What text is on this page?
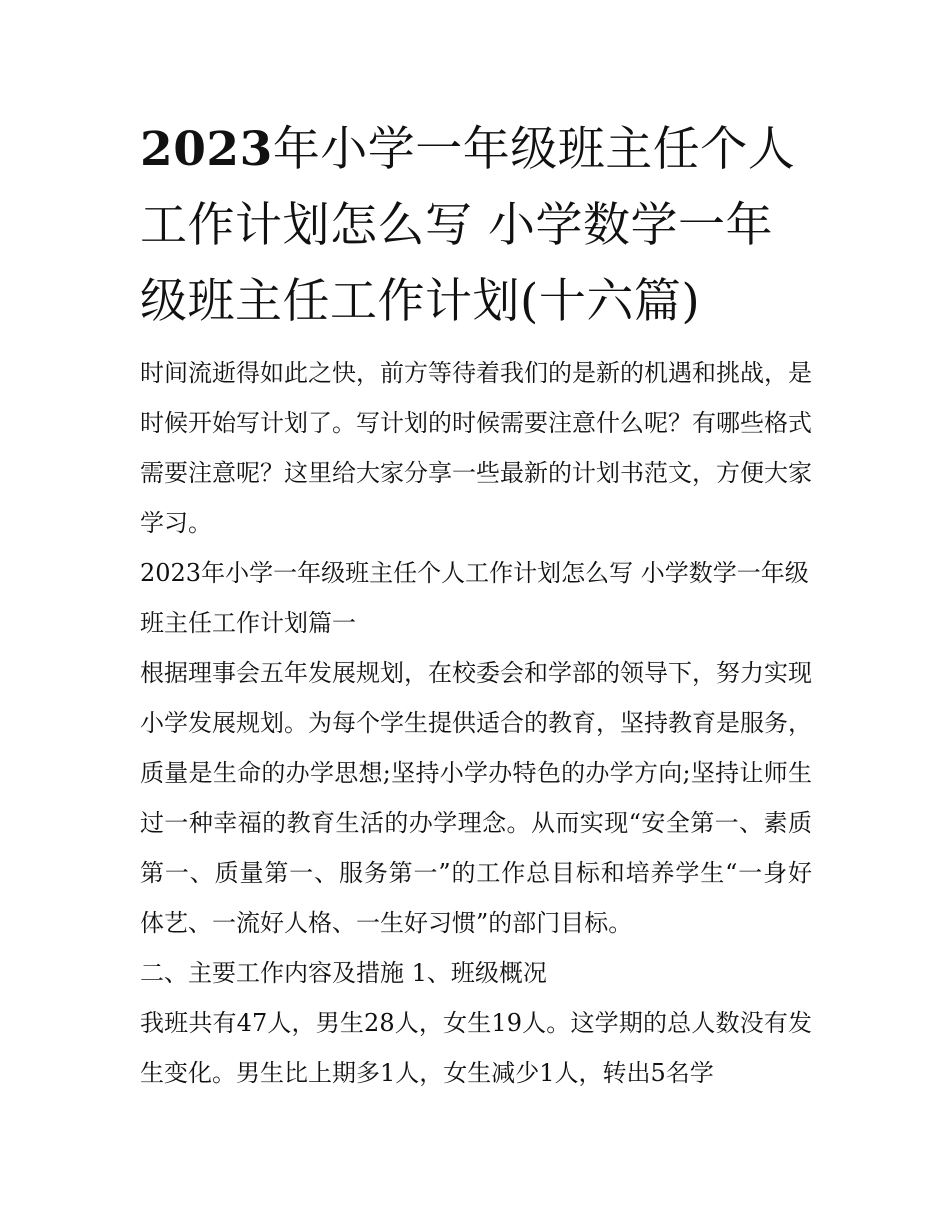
2023年小学一年级班主任个人工作计划怎么写 小学数学一年级班主任工作计划(十六篇)

时间流逝得如此之快，前方等待着我们的是新的机遇和挑战，是时候开始写计划了。写计划的时候需要注意什么呢？有哪些格式需要注意呢？这里给大家分享一些最新的计划书范文，方便大家学习。

2023年小学一年级班主任个人工作计划怎么写 小学数学一年级班主任工作计划篇一

根据理事会五年发展规划，在校委会和学部的领导下，努力实现小学发展规划。为每个学生提供适合的教育，坚持教育是服务，质量是生命的办学思想;坚持小学办特色的办学方向;坚持让师生过一种幸福的教育生活的办学理念。从而实现“安全第一、素质第一、质量第一、服务第一”的工作总目标和培养学生“一身好体艺、一流好人格、一生好习惯”的部门目标。

二、主要工作内容及措施 1、班级概况

我班共有47人，男生28人，女生19人。这学期的总人数没有发生变化。男生比上期多1人，女生减少1人，转出5名学
